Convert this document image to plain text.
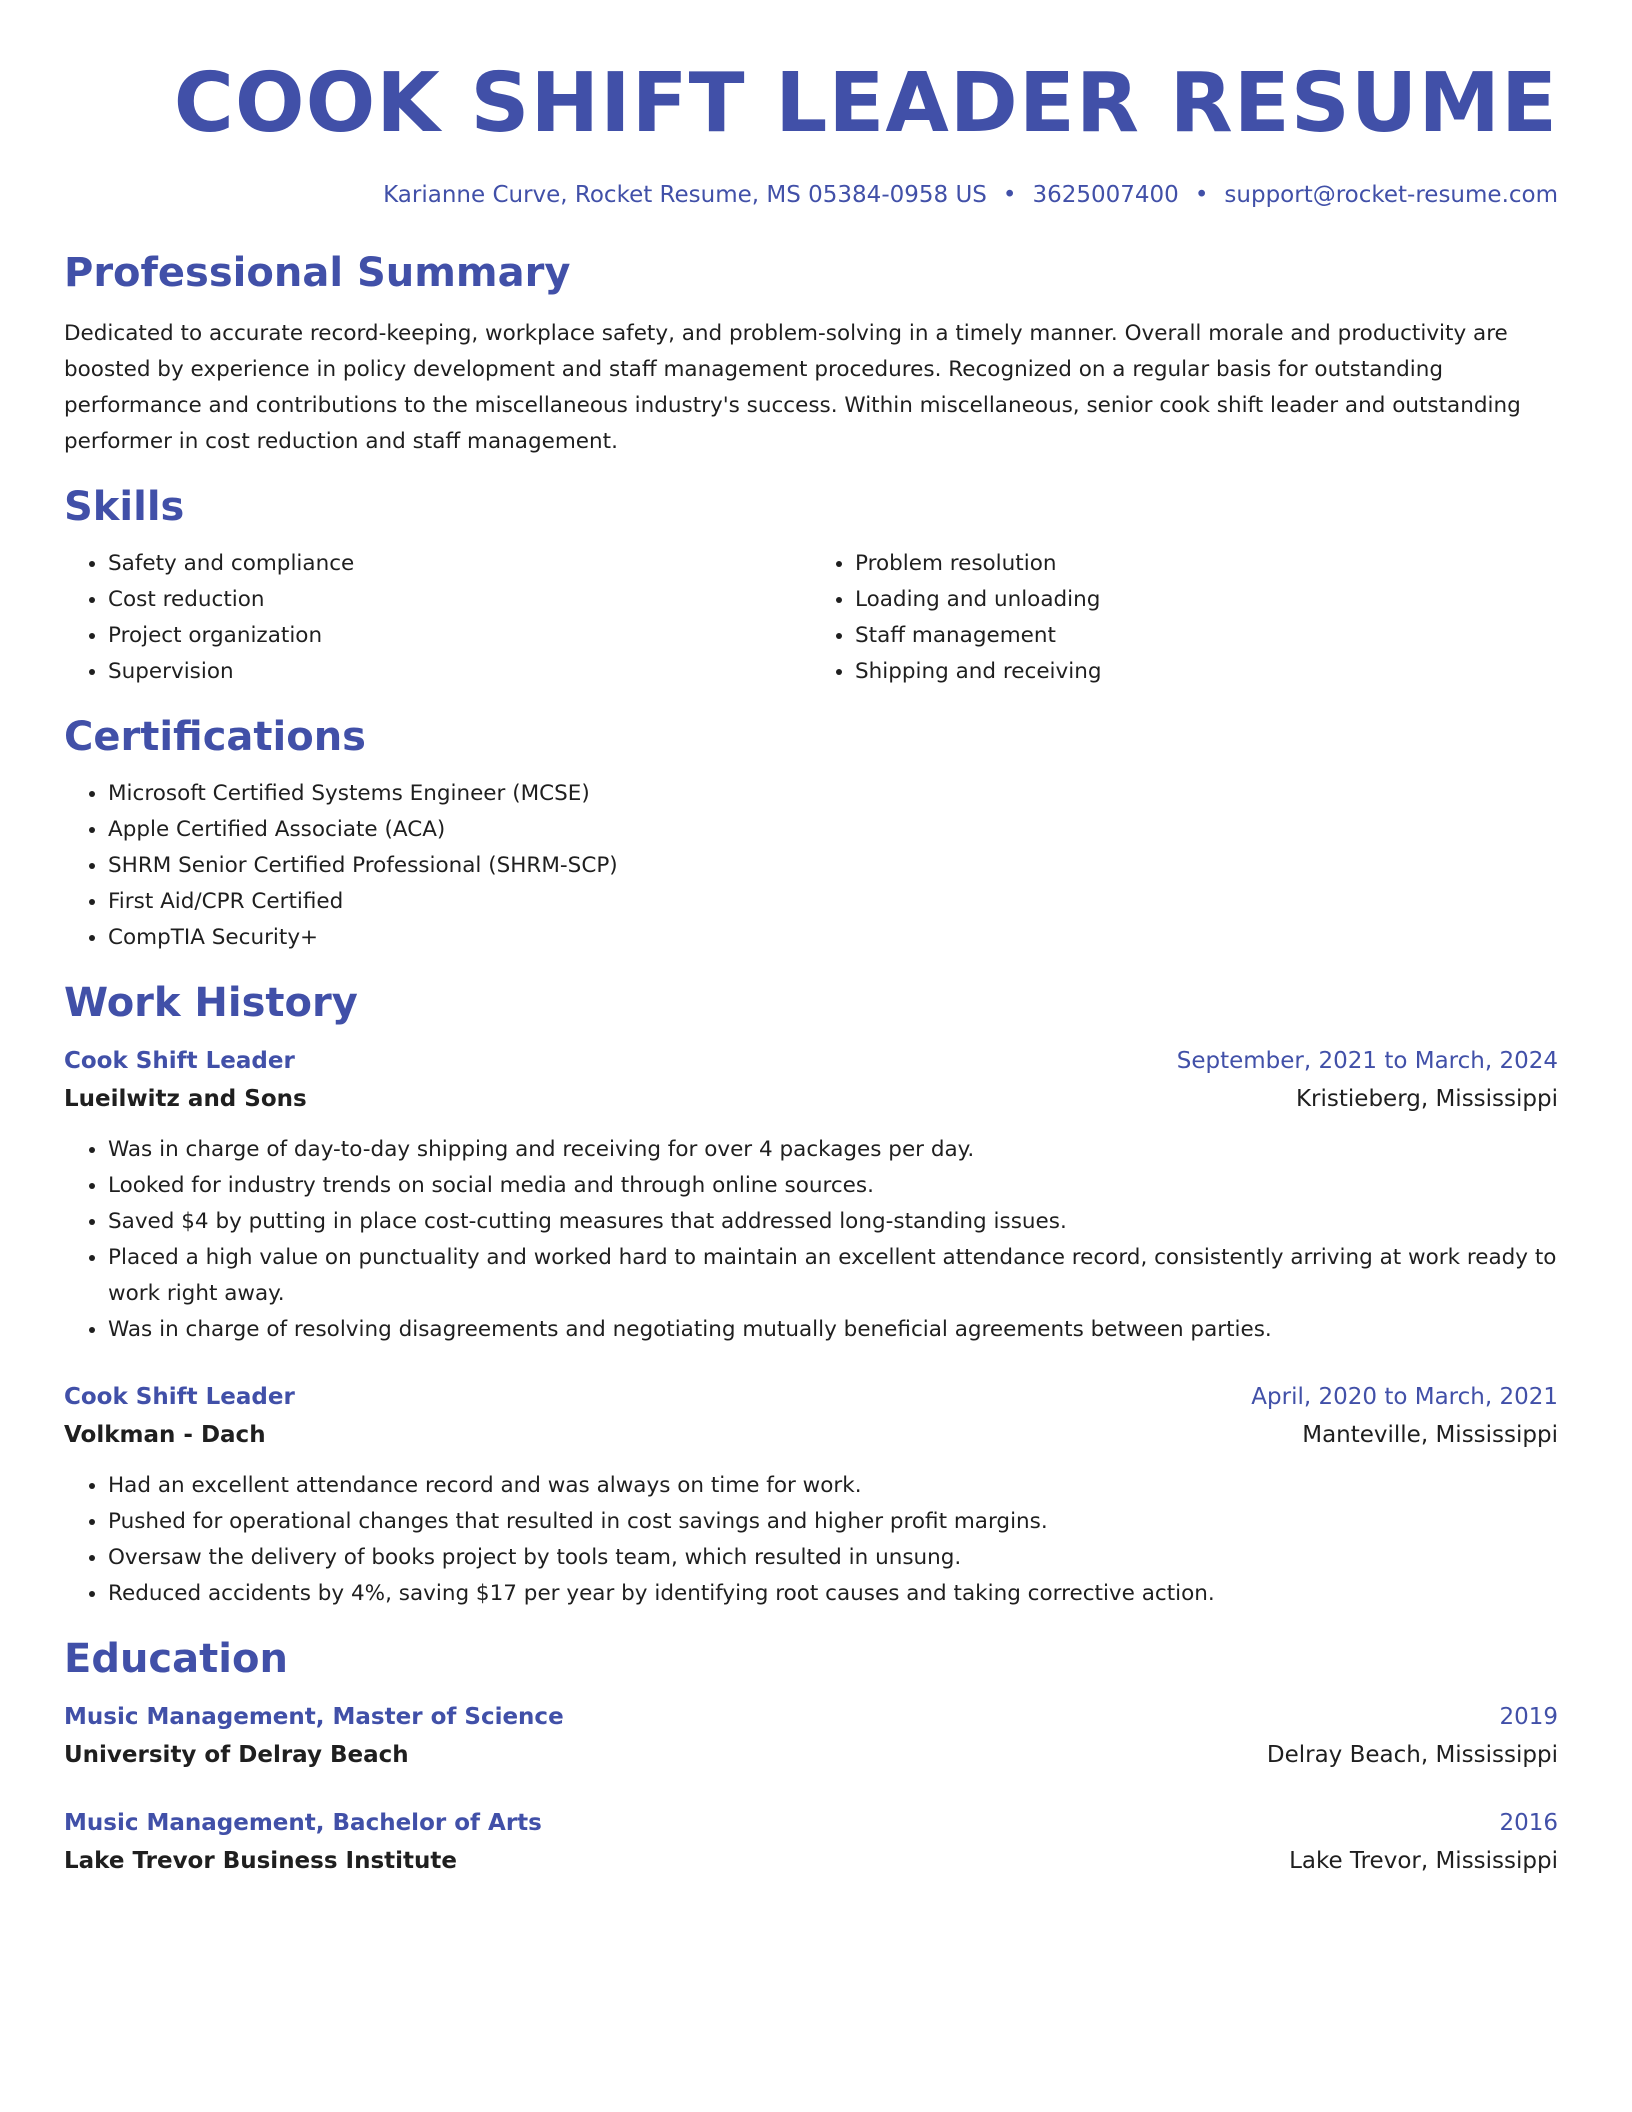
COOK SHIFT LEADER RESUME
Karianne Curve, Rocket Resume, MS 05384-0958 US • 3625007400 • support@rocket-resume.com
Professional Summary

Dedicated to accurate record-keeping, workplace safety, and problem-solving in a timely manner. Overall morale and productivity are boosted by experience in policy development and staff management procedures. Recognized on a regular basis for outstanding performance and contributions to the miscellaneous industry's success. Within miscellaneous, senior cook shift leader and outstanding performer in cost reduction and staff management.

Skills
• Safety and compliance
• Cost reduction
• Project organization
• Supervision
• Problem resolution
• Loading and unloading
• Staff management
• Shipping and receiving
Certifications
• Microsoft Certified Systems Engineer (MCSE)
• Apple Certified Associate (ACA)
• SHRM Senior Certified Professional (SHRM-SCP)
• First Aid/CPR Certified
• CompTIA Security+
Work History
Cook Shift Leader	September, 2021 to March, 2024
Lueilwitz and Sons	Kristieberg, Mississippi
• Was in charge of day-to-day shipping and receiving for over 4 packages per day.
• Looked for industry trends on social media and through online sources.
• Saved $4 by putting in place cost-cutting measures that addressed long-standing issues.
• Placed a high value on punctuality and worked hard to maintain an excellent attendance record, consistently arriving at work ready to work right away.
• Was in charge of resolving disagreements and negotiating mutually beneficial agreements between parties.
Cook Shift Leader	April, 2020 to March, 2021
Volkman - Dach	Manteville, Mississippi
• Had an excellent attendance record and was always on time for work.
• Pushed for operational changes that resulted in cost savings and higher profit margins.
• Oversaw the delivery of books project by tools team, which resulted in unsung.
• Reduced accidents by 4%, saving $17 per year by identifying root causes and taking corrective action.
Education
Music Management, Master of Science	2019
University of Delray Beach	Delray Beach, Mississippi
Music Management, Bachelor of Arts	2016
Lake Trevor Business Institute	Lake Trevor, Mississippi
